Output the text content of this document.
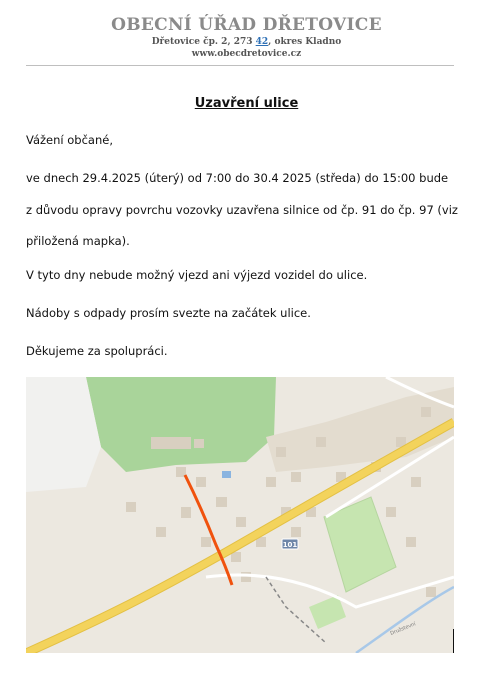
OBECNÍ ÚŘAD DŘETOVICE
Dřetovice čp. 2, 273 42, okres Kladno
www.obecdretovice.cz
Uzavření ulice
Vážení občané,
ve dnech 29.4.2025 (úterý) od 7:00 do 30.4 2025 (středa) do 15:00 bude
z důvodu opravy povrchu vozovky uzavřena silnice od čp. 91 do čp. 97 (viz
přiložená mapka).
V tyto dny nebude možný vjezd ani výjezd vozidel do ulice.
Nádoby s odpady prosím svezte na začátek ulice.
Děkujeme za spolupráci.
101
Družstevní
